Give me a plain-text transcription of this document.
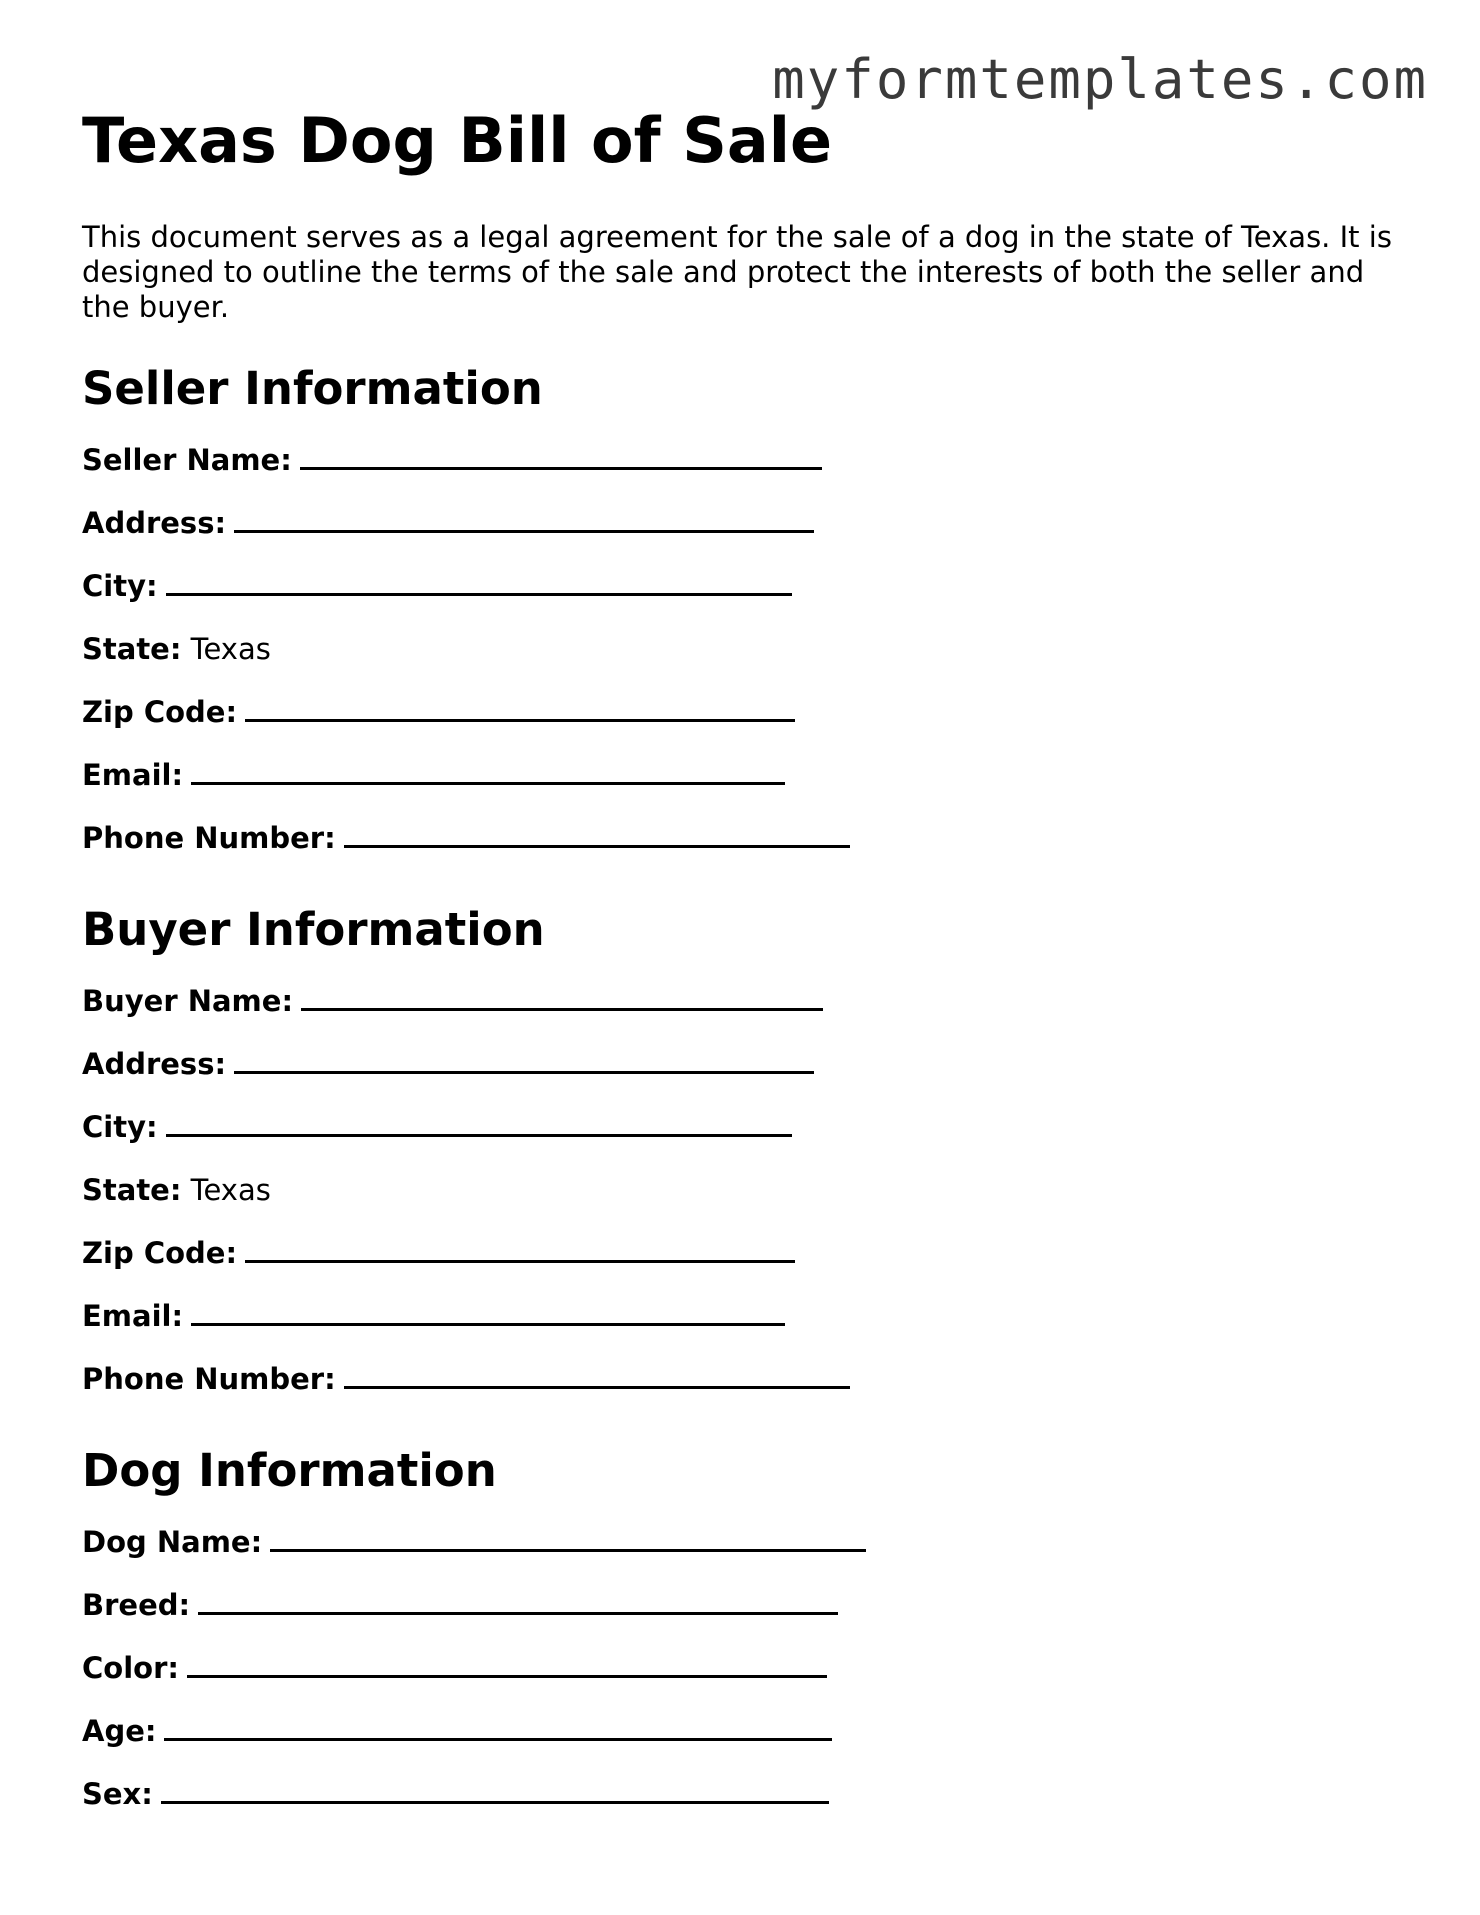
myformtemplates.com
Texas Dog Bill of Sale

This document serves as a legal agreement for the sale of a dog in the state of Texas. It is designed to outline the terms of the sale and protect the interests of both the seller and the buyer.

Seller Information
Seller Name:
Address:
City:
State: Texas
Zip Code:
Email:
Phone Number:
Buyer Information
Buyer Name:
Address:
City:
State: Texas
Zip Code:
Email:
Phone Number:
Dog Information
Dog Name:
Breed:
Color:
Age:
Sex:
